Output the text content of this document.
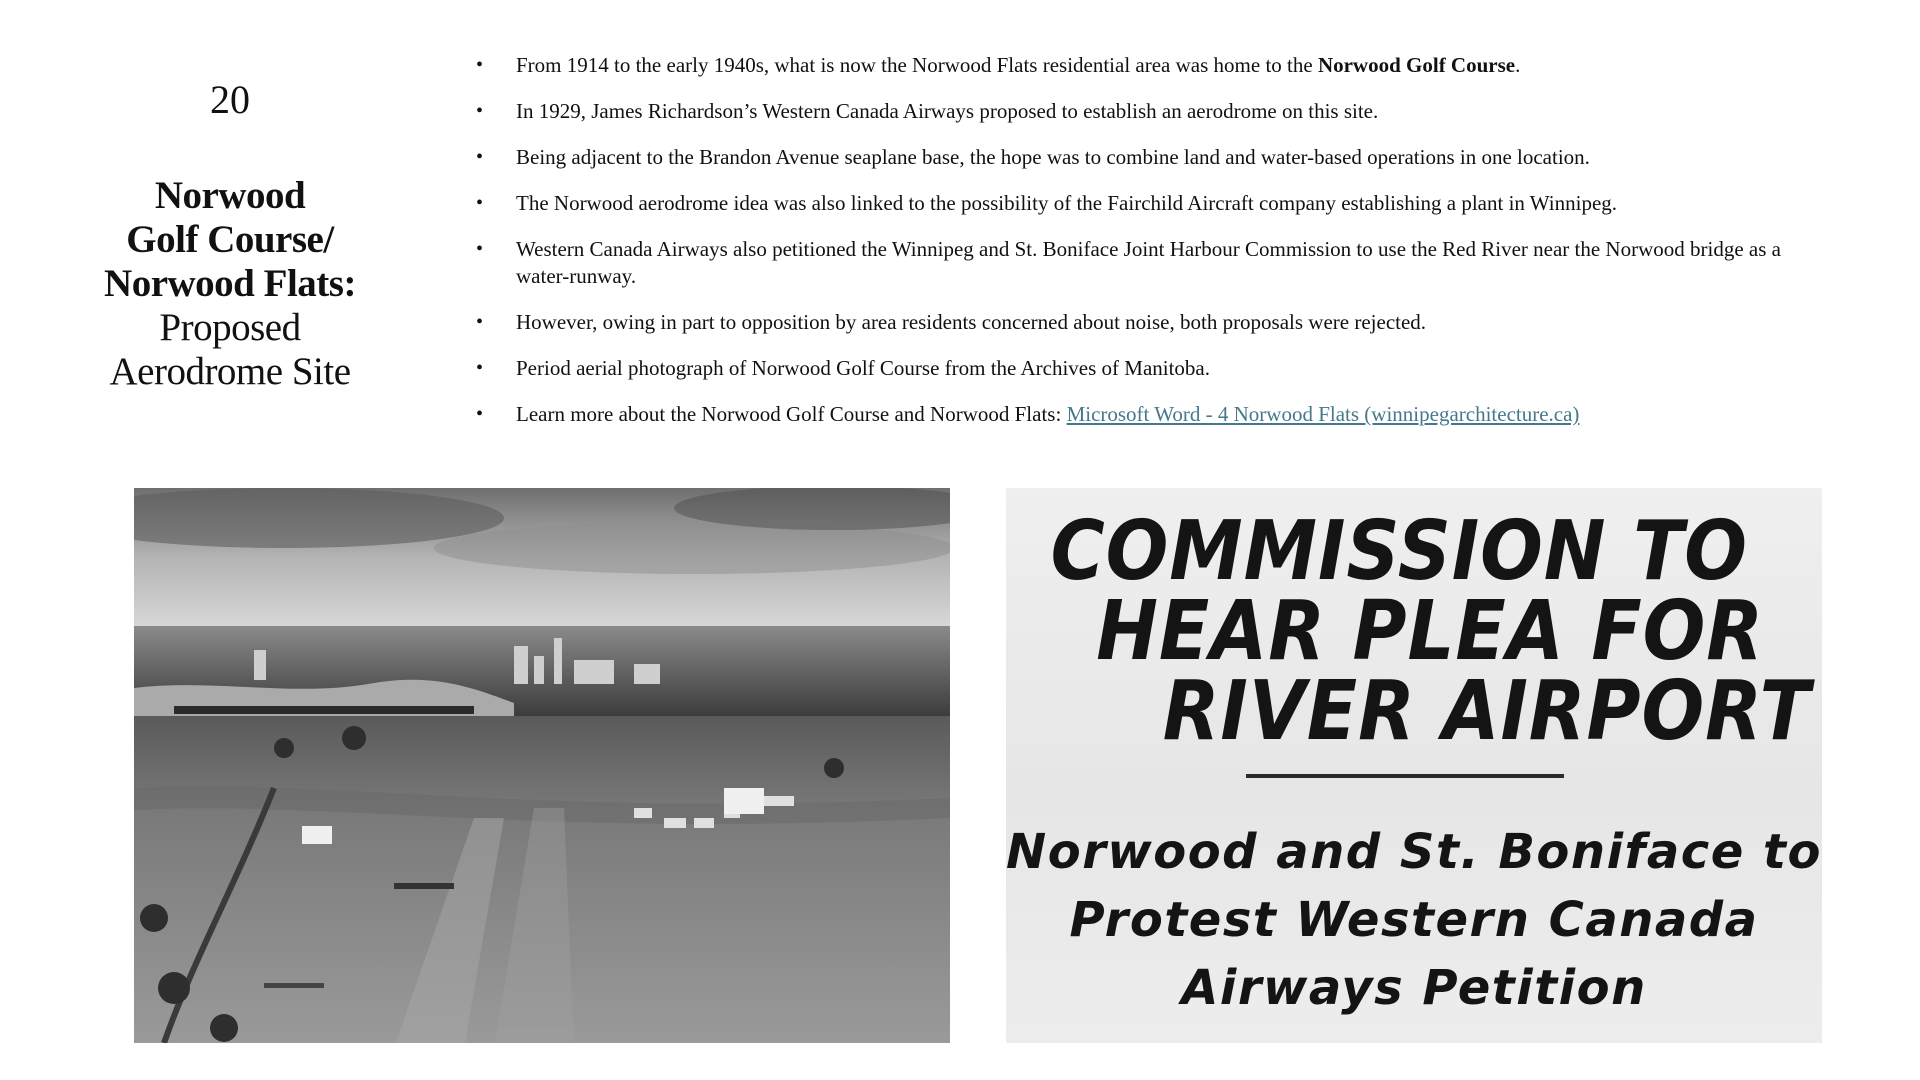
20
Norwood
Golf Course/
Norwood Flats:
Proposed
Aerodrome Site
• From 1914 to the early 1940s, what is now the Norwood Flats residential area was home to the Norwood Golf Course.
• In 1929, James Richardson’s Western Canada Airways proposed to establish an aerodrome on this site.
• Being adjacent to the Brandon Avenue seaplane base, the hope was to combine land and water-based operations in one location.
• The Norwood aerodrome idea was also linked to the possibility of the Fairchild Aircraft company establishing a plant in Winnipeg.
• Western Canada Airways also petitioned the Winnipeg and St. Boniface Joint Harbour Commission to use the Red River near the Norwood bridge as a water-runway.
• However, owing in part to opposition by area residents concerned about noise, both proposals were rejected.
• Period aerial photograph of Norwood Golf Course from the Archives of Manitoba.
• Learn more about the Norwood Golf Course and Norwood Flats: Microsoft Word - 4 Norwood Flats (winnipegarchitecture.ca)
COMMISSION TO
HEAR PLEA FOR
RIVER AIRPORT
Norwood and St. Boniface to
Protest Western Canada
Airways Petition
